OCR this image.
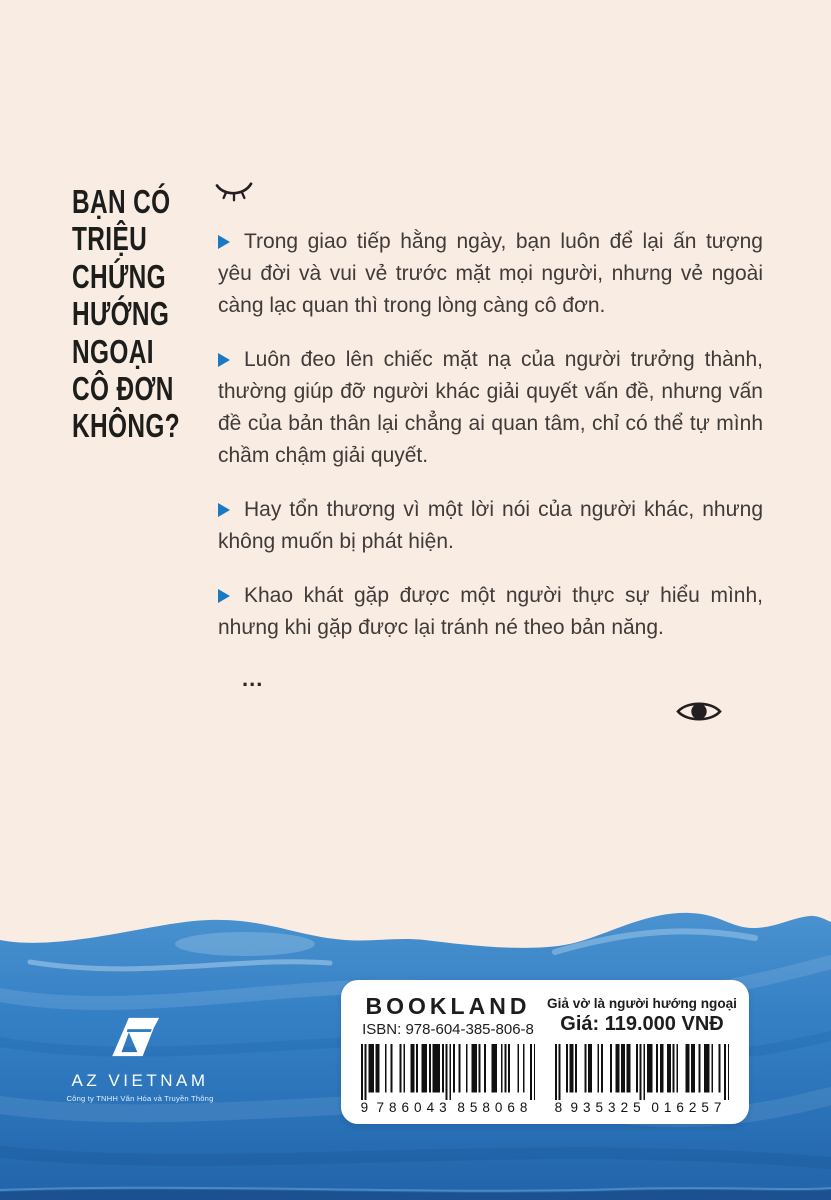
BẠN CÓ
TRIỆU
CHỨNG
HƯỚNG
NGOẠI
CÔ ĐƠN
KHÔNG?

Trong giao tiếp hằng ngày, bạn luôn để lại ấn tượng yêu đời và vui vẻ trước mặt mọi người, nhưng vẻ ngoài càng lạc quan thì trong lòng càng cô đơn.

Luôn đeo lên chiếc mặt nạ của người trưởng thành, thường giúp đỡ người khác giải quyết vấn đề, nhưng vấn đề của bản thân lại chẳng ai quan tâm, chỉ có thể tự mình chầm chậm giải quyết.

Hay tổn thương vì một lời nói của người khác, nhưng không muốn bị phát hiện.

Khao khát gặp được một người thực sự hiểu mình, nhưng khi gặp được lại tránh né theo bản năng.

...
AZ VIETNAM
Công ty TNHH Văn Hóa và Truyền Thông
BOOKLAND
ISBN: 978-604-385-806-8
9 786043 858068
Giả vờ là người hướng ngoại
Giá: 119.000 VNĐ
8 935325 016257
